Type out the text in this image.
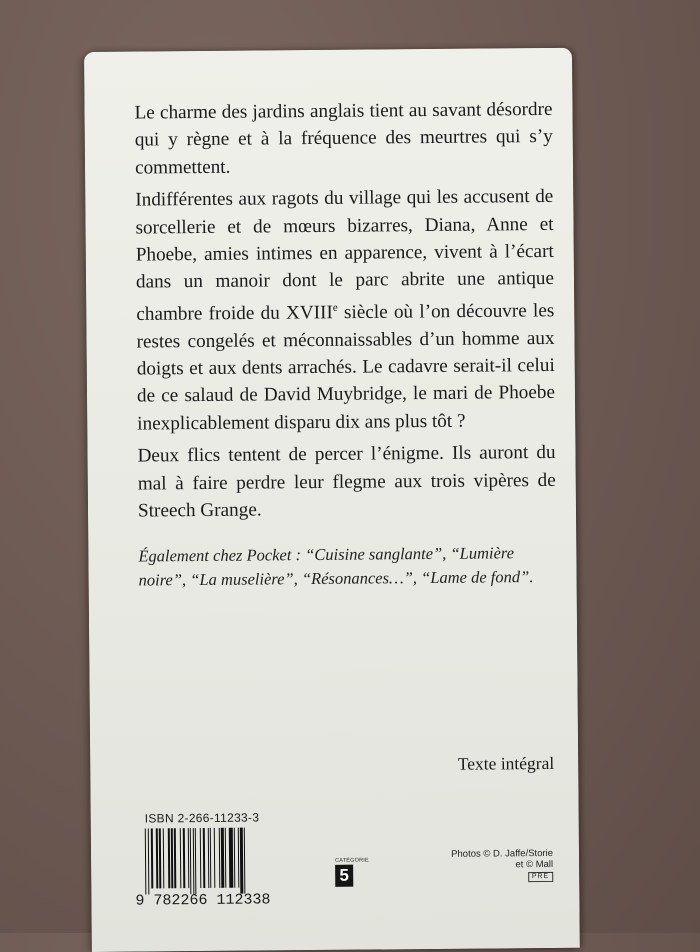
Le charme des jardins anglais tient au savant désordre qui y règne et à la fréquence des meurtres qui s’y commettent.

Indifférentes aux ragots du village qui les accusent de sorcellerie et de mœurs bizarres, Diana, Anne et Phoebe, amies intimes en apparence, vivent à l’écart dans un manoir dont le parc abrite une antique chambre froide du XVIIIe siècle où l’on découvre les restes congelés et méconnaissables d’un homme aux doigts et aux dents arrachés. Le cadavre serait-il celui de ce salaud de David Muybridge, le mari de Phoebe inexplicablement disparu dix ans plus tôt ?

Deux flics tentent de percer l’énigme. Ils auront du mal à faire perdre leur flegme aux trois vipères de Streech Grange.

Également chez Pocket : “Cuisine sanglante”, “Lumière noire”, “La muselière”, “Résonances…”, “Lame de fond”.
Texte intégral
ISBN 2-266-11233-3
9 782266 112338
CATÉGORIE
5
Photos © D. Jaffe/Storie
et © Mall
PRE
